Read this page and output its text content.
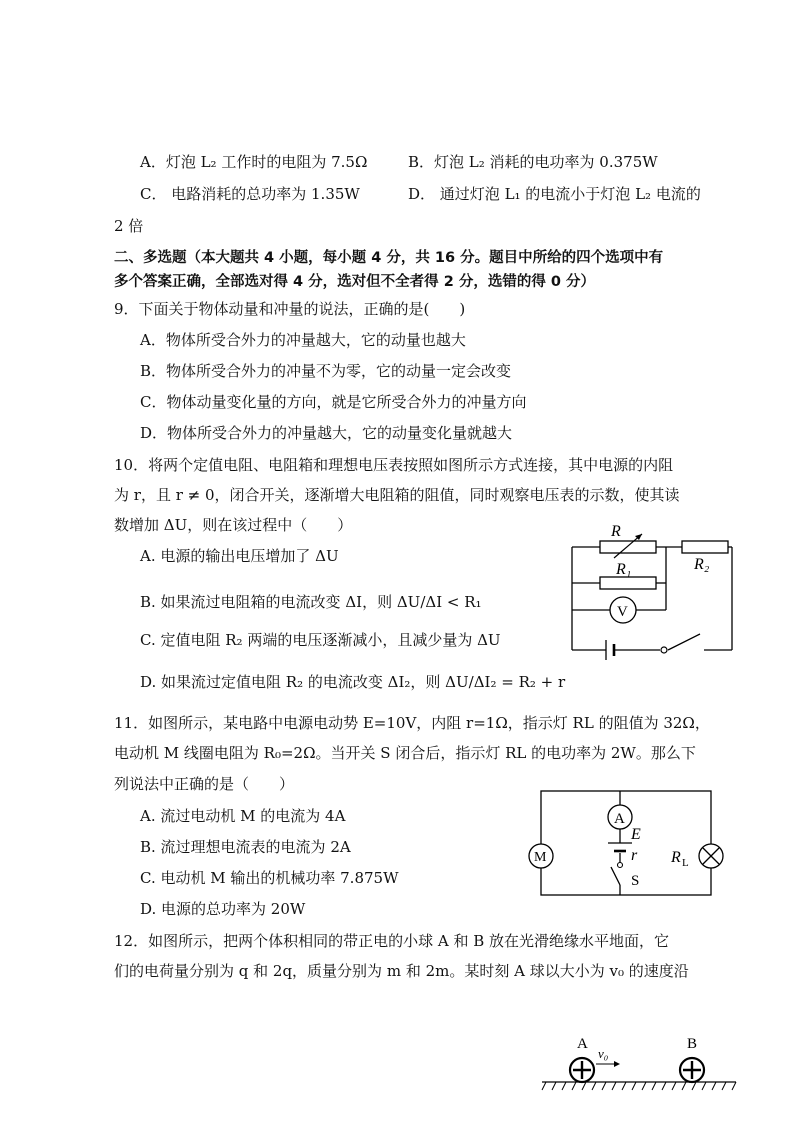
A．灯泡 L₂ 工作时的电阻为 7.5Ω	B．灯泡 L₂ 消耗的电功率为 0.375W
C． 电路消耗的总功率为 1.35W	D． 通过灯泡 L₁ 的电流小于灯泡 L₂ 电流的
2 倍
二、多选题（本大题共 4 小题，每小题 4 分，共 16 分。题目中所给的四个选项中有
多个答案正确，全部选对得 4 分，选对但不全者得 2 分，选错的得 0 分）
9．下面关于物体动量和冲量的说法，正确的是(　　)
A．物体所受合外力的冲量越大，它的动量也越大
B．物体所受合外力的冲量不为零，它的动量一定会改变
C．物体动量变化量的方向，就是它所受合外力的冲量方向
D．物体所受合外力的冲量越大，它的动量变化量就越大
10．将两个定值电阻、电阻箱和理想电压表按照如图所示方式连接，其中电源的内阻
为 r，且 r ≠ 0，闭合开关，逐渐增大电阻箱的阻值，同时观察电压表的示数，使其读
数增加 ΔU，则在该过程中（　　）
A. 电源的输出电压增加了 ΔU
B. 如果流过电阻箱的电流改变 ΔI，则 ΔU/ΔI < R₁
C. 定值电阻 R₂ 两端的电压逐渐减小，且减少量为 ΔU
D. 如果流过定值电阻 R₂ 的电流改变 ΔI₂，则 ΔU/ΔI₂ = R₂ + r
R
R₁	R₂
V
11．如图所示，某电路中电源电动势 E=10V，内阻 r=1Ω，指示灯 RL 的阻值为 32Ω，
电动机 M 线圈电阻为 R₀=2Ω。当开关 S 闭合后，指示灯 RL 的电功率为 2W。那么下
列说法中正确的是（　　）
A. 流过电动机 M 的电流为 4A
B. 流过理想电流表的电流为 2A
C. 电动机 M 输出的机械功率 7.875W
D. 电源的总功率为 20W
A
E
r
S
M	R L
12．如图所示，把两个体积相同的带正电的小球 A 和 B 放在光滑绝缘水平地面，它
们的电荷量分别为 q 和 2q，质量分别为 m 和 2m。某时刻 A 球以大小为 v₀ 的速度沿
A	B
v₀
